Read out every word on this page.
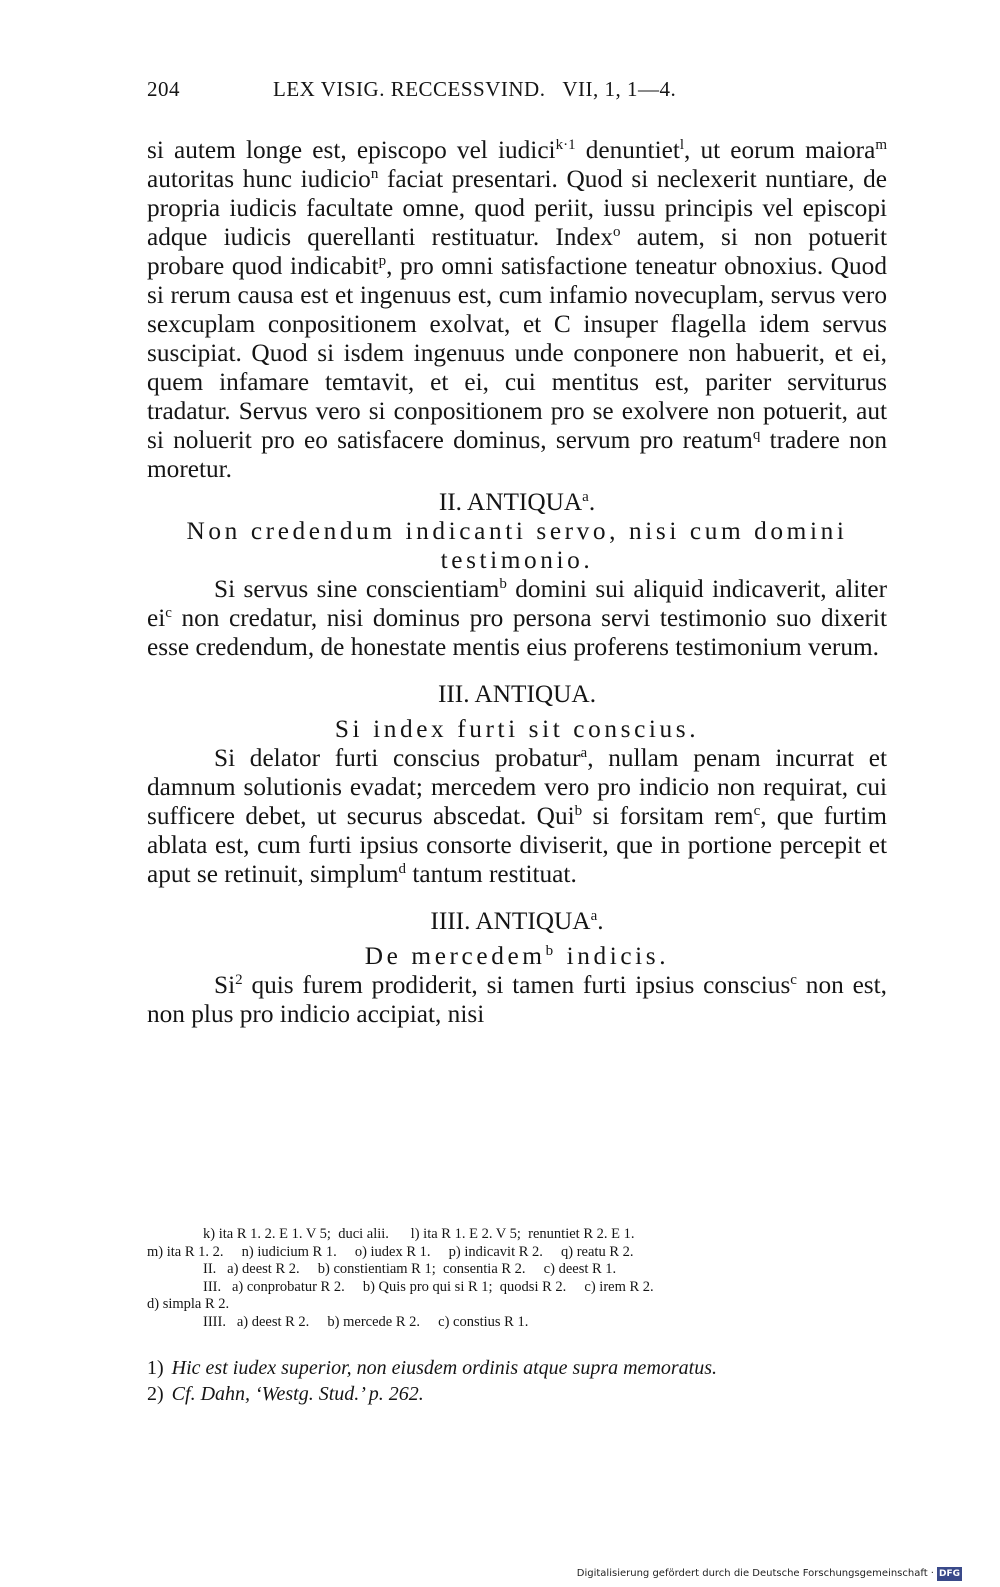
204	LEX VISIG. RECCESSVIND.   VII, 1, 1—4.

si autem longe est, episcopo vel iudici$^{k\cdot 1}$ denuntiet$^l$, ut eorum maiora$^m$ autoritas hunc iudicio$^n$ faciat presentari. Quod si neclexerit nuntiare, de propria iudicis facultate omne, quod periit, iussu principis vel episcopi adque iudicis querellanti restituatur. Index$^o$ autem, si non potuerit probare quod indicabit$^p$, pro omni satisfactione teneatur obnoxius. Quod si rerum causa est et ingenuus est, cum infamio novecuplam, servus vero sexcuplam conpositionem exolvat, et C insuper flagella idem servus suscipiat. Quod si isdem ingenuus unde conponere non habuerit, et ei, quem infamare temtavit, et ei, cui mentitus est, pariter serviturus tradatur. Servus vero si conpositionem pro se exolvere non potuerit, aut si noluerit pro eo satisfacere dominus, servum pro reatum$^q$ tradere non moretur.

II. ANTIQUA$^a$.

Non credendum indicanti servo, nisi cum domini testimonio.

Si servus sine conscientiam$^b$ domini sui aliquid indicaverit, aliter $ei^c$ non credatur, nisi dominus pro persona servi testimonio suo dixerit esse credendum, de honestate mentis eius proferens testimonium verum.

III. ANTIQUA.

Si index furti sit conscius.

Si delator furti conscius probatur$^a$, nullam penam incurrat et damnum solutionis evadat; mercedem vero pro indicio non requirat, cui sufficere debet, ut securus abscedat. Qui$^b$ si forsitam rem$^c$, que furtim ablata est, cum furti ipsius consorte diviserit, que in portione percepit et aput se retinuit, simplum$^d$ tantum restituat.

IIII. ANTIQUA$^a$.

De mercedem$^b$ indicis.

Si$^2$ quis furem prodiderit, si tamen furti ipsius conscius$^c$ non est, non plus pro indicio accipiat, nisi

k) ita R 1. 2. E 1. V 5;  duci alii.      l) ita R 1. E 2. V 5;  renuntiet R 2. E 1.

m) ita R 1. 2.     n) iudicium R 1.     o) iudex R 1.     p) indicavit R 2.     q) reatu R 2.

II.   a) deest R 2.     b) constientiam R 1;  consentia R 2.     c) deest R 1.

III.   a) conprobatur R 2.     b) Quis pro qui si R 1;  quodsi R 2.     c) irem R 2.

d) simpla R 2.

IIII.   a) deest R 2.     b) mercede R 2.     c) constius R 1.

1) Hic est iudex superior, non eiusdem ordinis atque supra memoratus.

2) Cf. Dahn, ‘Westg. Stud.’ p. 262.

Digitalisierung gefördert durch die Deutsche Forschungsgemeinschaft · DFG
